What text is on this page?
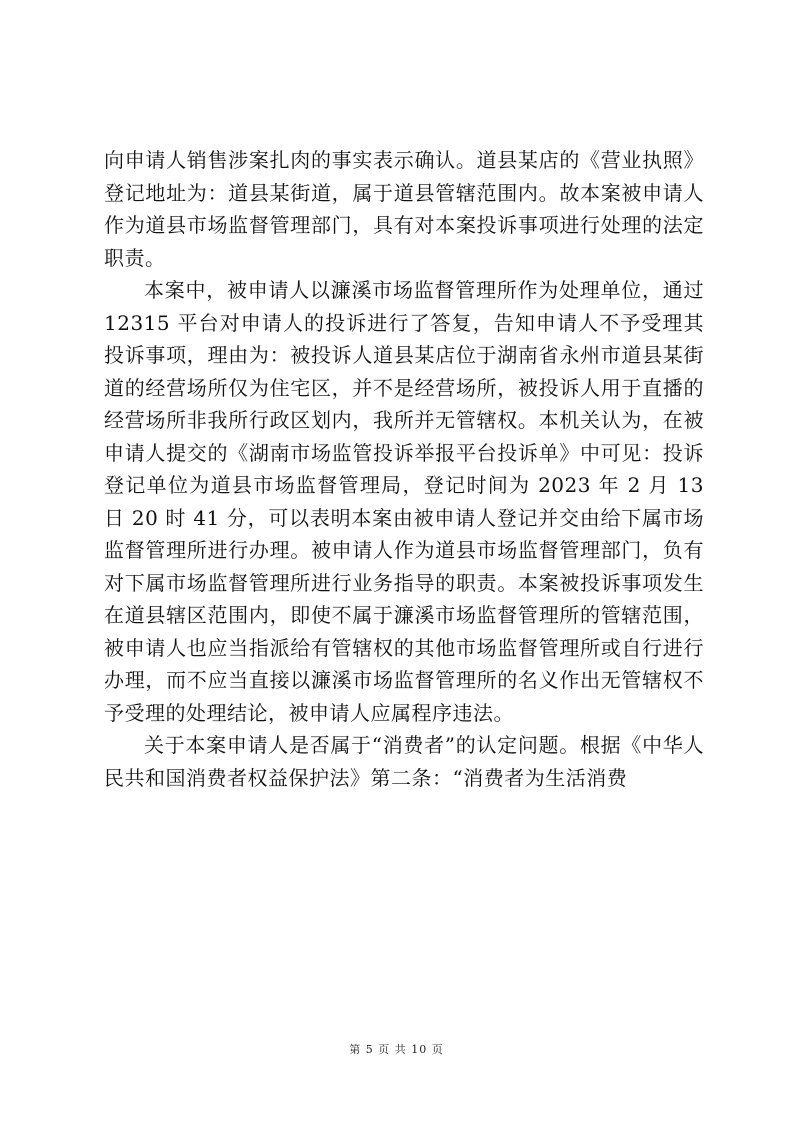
向申请人销售涉案扎肉的事实表示确认。道县某店的《营业执照》登记地址为：道县某街道，属于道县管辖范围内。故本案被申请人作为道县市场监督管理部门，具有对本案投诉事项进行处理的法定职责。

本案中，被申请人以濂溪市场监督管理所作为处理单位，通过 12315 平台对申请人的投诉进行了答复，告知申请人不予受理其投诉事项，理由为：被投诉人道县某店位于湖南省永州市道县某街道的经营场所仅为住宅区，并不是经营场所，被投诉人用于直播的经营场所非我所行政区划内，我所并无管辖权。本机关认为，在被申请人提交的《湖南市场监管投诉举报平台投诉单》中可见：投诉登记单位为道县市场监督管理局，登记时间为 2023 年 2 月 13 日 20 时 41 分，可以表明本案由被申请人登记并交由给下属市场监督管理所进行办理。被申请人作为道县市场监督管理部门，负有对下属市场监督管理所进行业务指导的职责。本案被投诉事项发生在道县辖区范围内，即使不属于濂溪市场监督管理所的管辖范围，被申请人也应当指派给有管辖权的其他市场监督管理所或自行进行办理，而不应当直接以濂溪市场监督管理所的名义作出无管辖权不予受理的处理结论，被申请人应属程序违法。

关于本案申请人是否属于“消费者”的认定问题。根据《中华人民共和国消费者权益保护法》第二条：“消费者为生活消费

第 5 页 共 10 页
